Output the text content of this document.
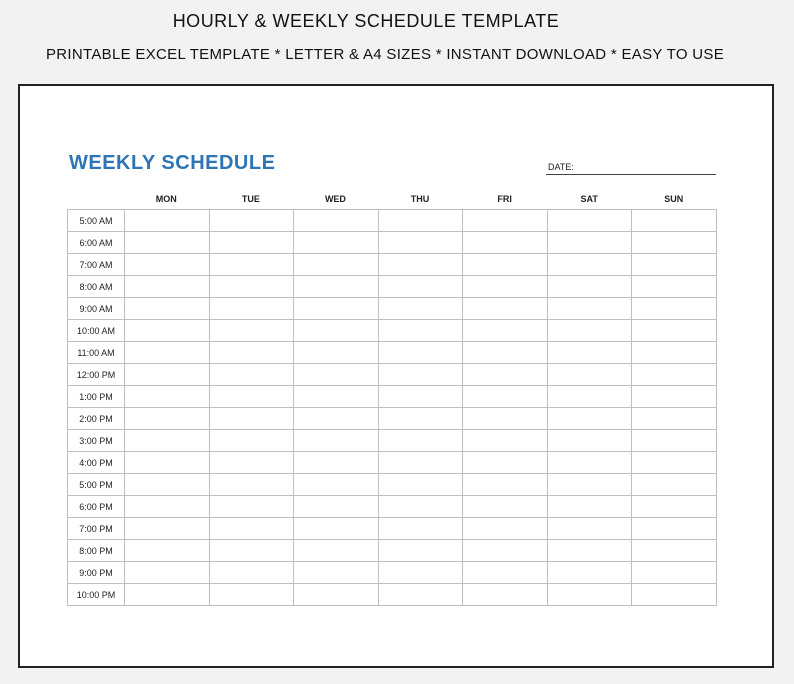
HOURLY & WEEKLY SCHEDULE TEMPLATE
PRINTABLE EXCEL TEMPLATE * LETTER & A4 SIZES * INSTANT DOWNLOAD * EASY TO USE
WEEKLY SCHEDULE	DATE:
MON	TUE	WED	THU	FRI	SAT	SUN
5:00 AM							
6:00 AM							
7:00 AM							
8:00 AM							
9:00 AM							
10:00 AM							
11:00 AM							
12:00 PM							
1:00 PM							
2:00 PM							
3:00 PM							
4:00 PM							
5:00 PM							
6:00 PM							
7:00 PM							
8:00 PM							
9:00 PM							
10:00 PM							
